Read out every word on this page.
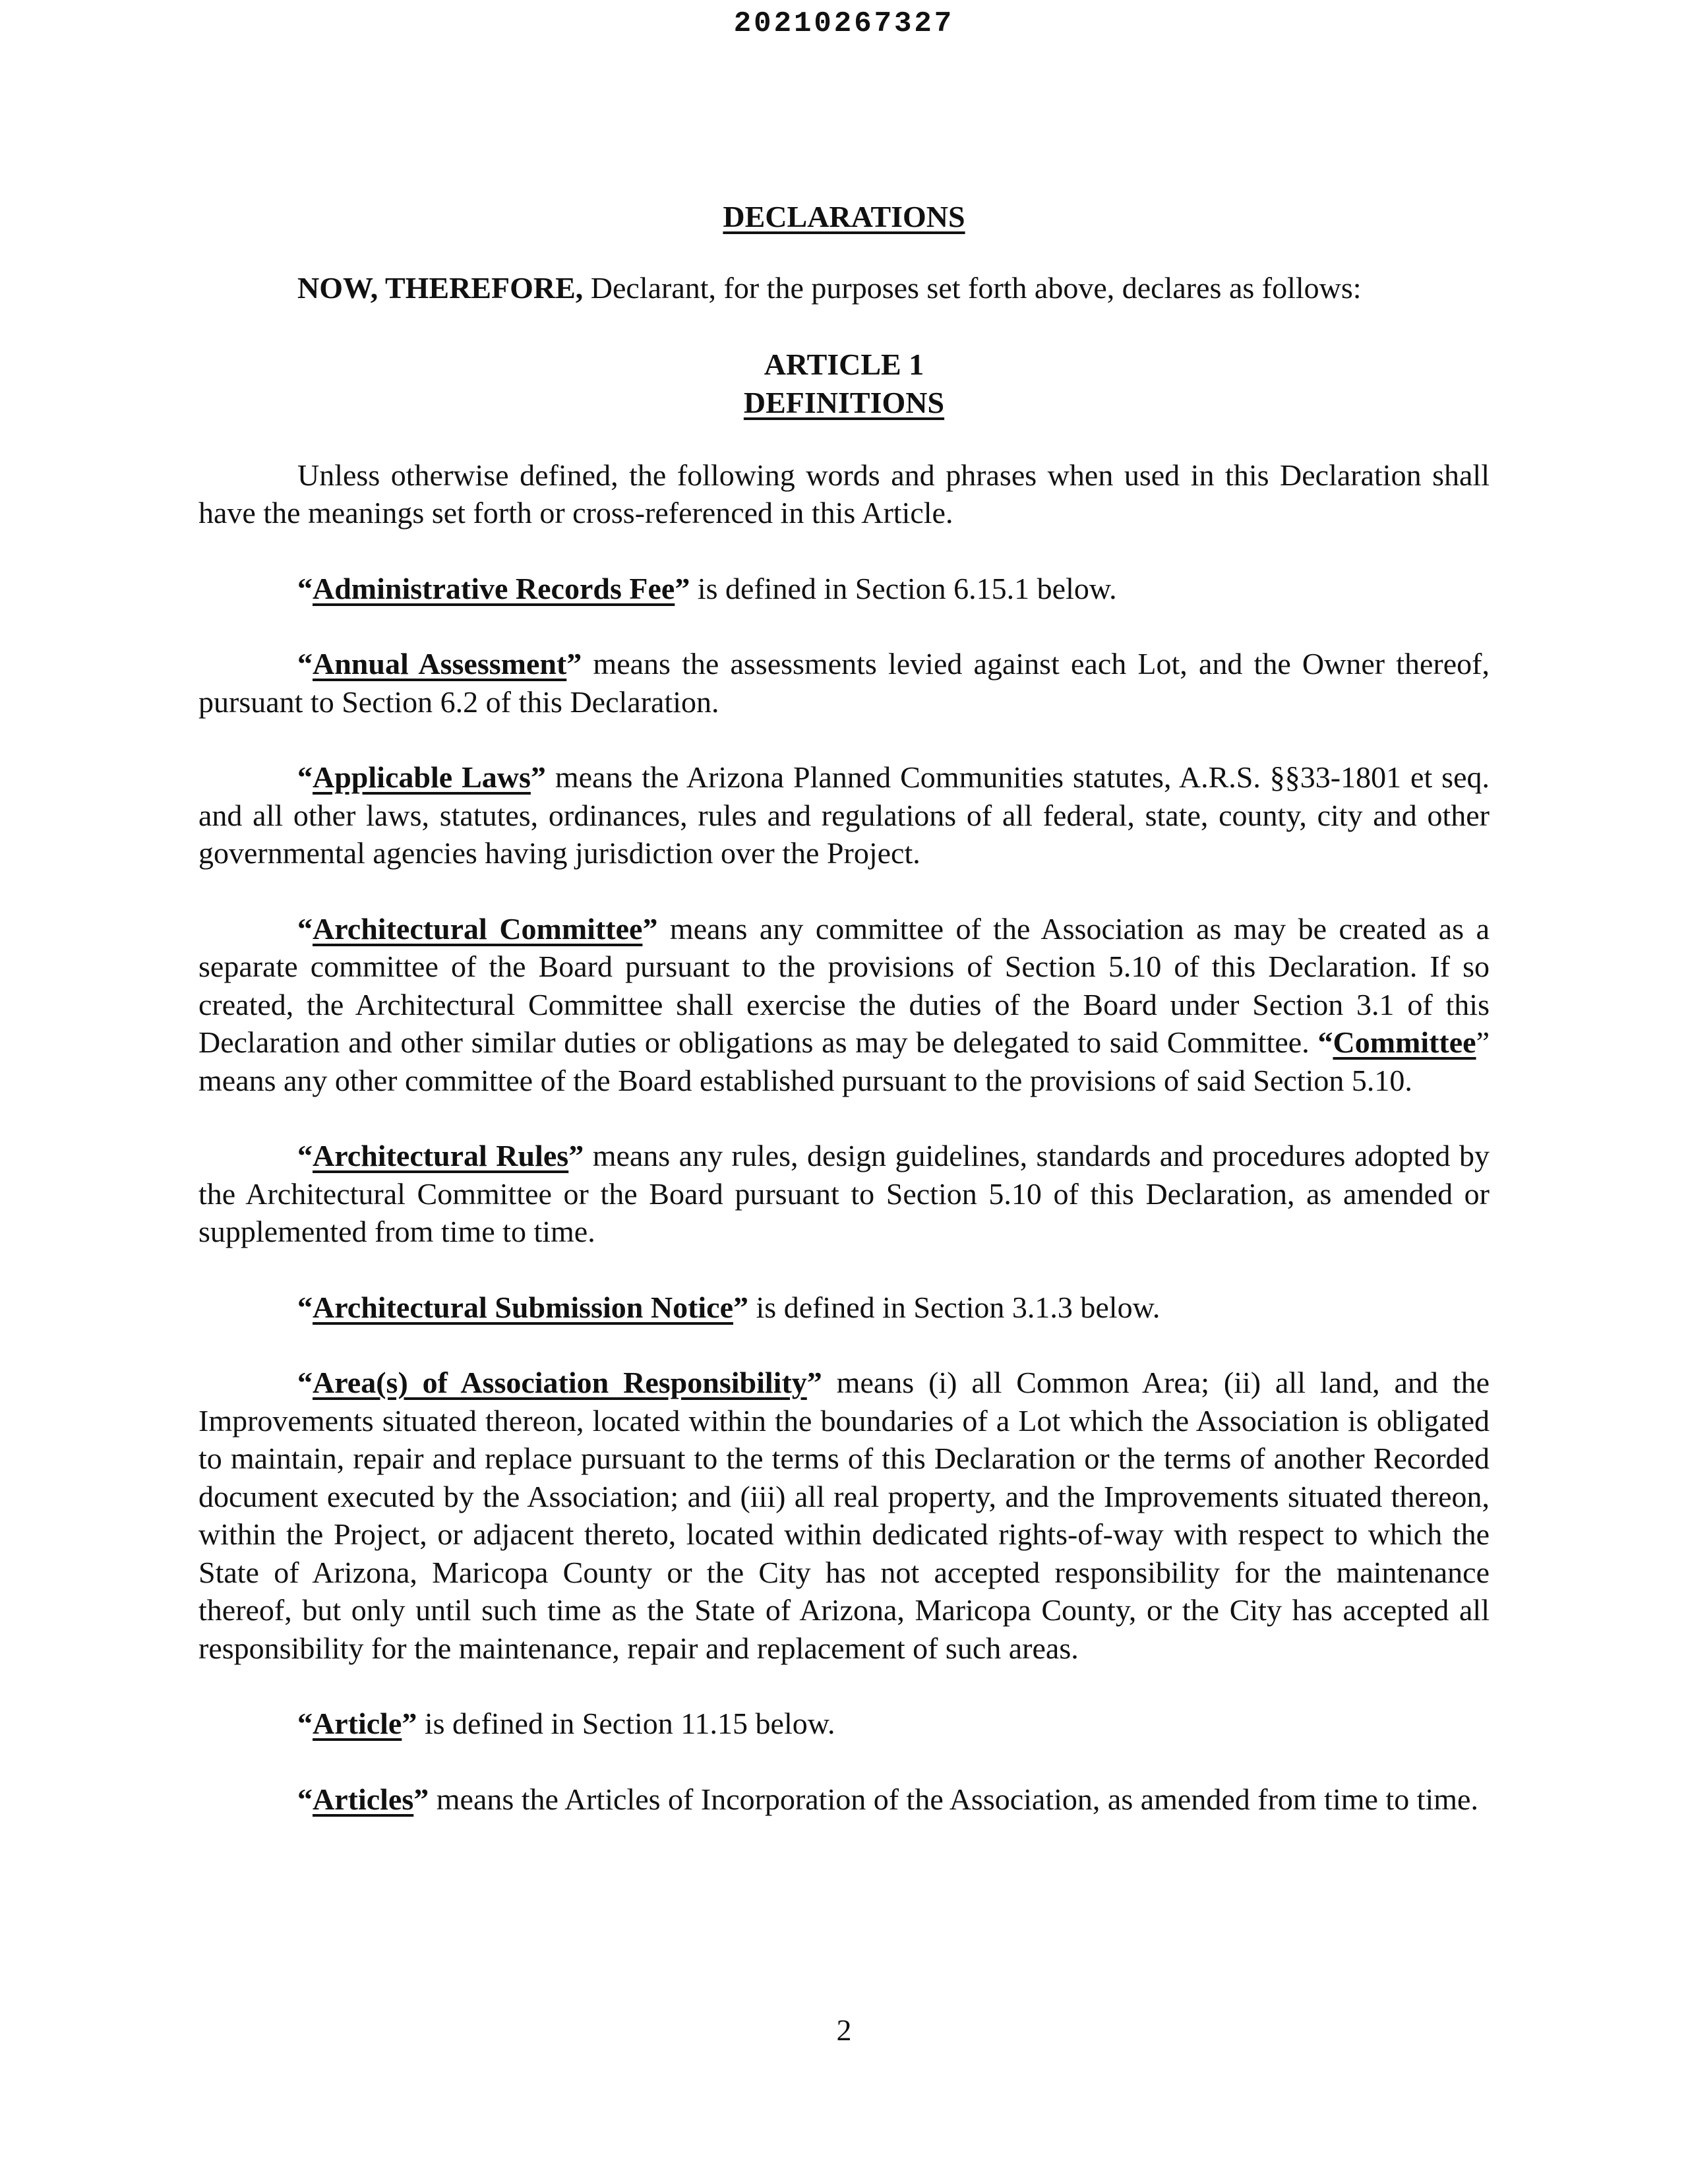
20210267327
DECLARATIONS

NOW, THEREFORE, Declarant, for the purposes set forth above, declares as follows:

ARTICLE 1
DEFINITIONS

Unless otherwise defined, the following words and phrases when used in this Declaration shall have the meanings set forth or cross-referenced in this Article.

“Administrative Records Fee” is defined in Section 6.15.1 below.

“Annual Assessment” means the assessments levied against each Lot, and the Owner thereof, pursuant to Section 6.2 of this Declaration.

“Applicable Laws” means the Arizona Planned Communities statutes, A.R.S. §§33-1801 et seq. and all other laws, statutes, ordinances, rules and regulations of all federal, state, county, city and other governmental agencies having jurisdiction over the Project.

“Architectural Committee” means any committee of the Association as may be created as a separate committee of the Board pursuant to the provisions of Section 5.10 of this Declaration. If so created, the Architectural Committee shall exercise the duties of the Board under Section 3.1 of this Declaration and other similar duties or obligations as may be delegated to said Committee. “Committee” means any other committee of the Board established pursuant to the provisions of said Section 5.10.

“Architectural Rules” means any rules, design guidelines, standards and procedures adopted by the Architectural Committee or the Board pursuant to Section 5.10 of this Declaration, as amended or supplemented from time to time.

“Architectural Submission Notice” is defined in Section 3.1.3 below.

“Area(s) of Association Responsibility” means (i) all Common Area; (ii) all land, and the Improvements situated thereon, located within the boundaries of a Lot which the Association is obligated to maintain, repair and replace pursuant to the terms of this Declaration or the terms of another Recorded document executed by the Association; and (iii) all real property, and the Improvements situated thereon, within the Project, or adjacent thereto, located within dedicated rights-of-way with respect to which the State of Arizona, Maricopa County or the City has not accepted responsibility for the maintenance thereof, but only until such time as the State of Arizona, Maricopa County, or the City has accepted all responsibility for the maintenance, repair and replacement of such areas.

“Article” is defined in Section 11.15 below.

“Articles” means the Articles of Incorporation of the Association, as amended from time to time.

2
